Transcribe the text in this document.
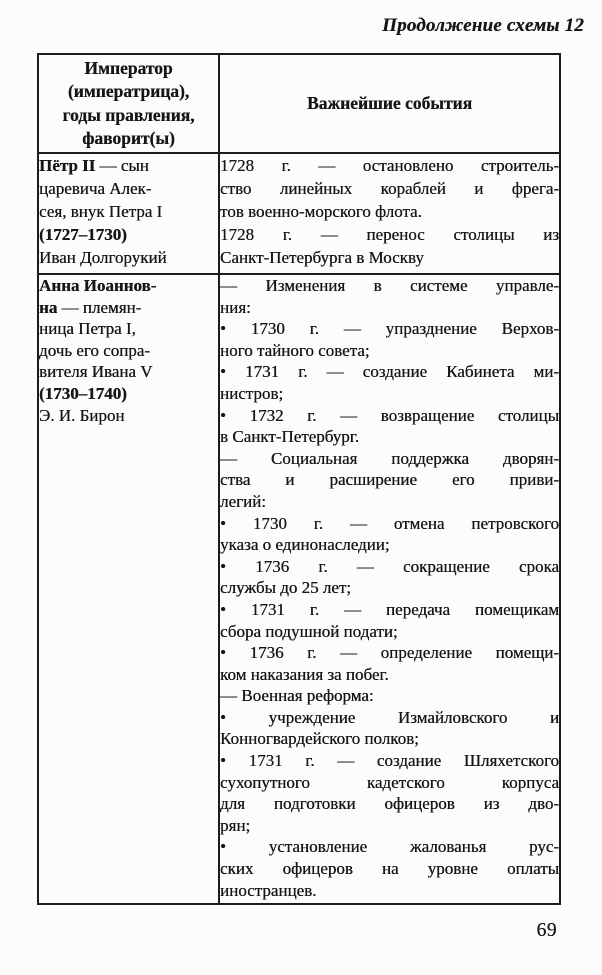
Продолжение схемы 12
Император
(императрица),
годы правления,
фаворит(ы)	Важнейшие события

Пётр II — сын
царевича Алек-
сея, внук Петра I
(1727–1730)
Иван Долгорукий

1728 г. — остановлено строитель-
ство линейных кораблей и фрега-
тов военно-морского флота.
1728 г. — перенос столицы из
Санкт-Петербурга в Москву

Анна Иоаннов-
на — племян-
ница Петра I,
дочь его сопра-
вителя Ивана V
(1730–1740)
Э. И. Бирон

— Изменения в системе управле-
ния:
• 1730 г. — упразднение Верхов-
ного тайного совета;
• 1731 г. — создание Кабинета ми-
нистров;
• 1732 г. — возвращение столицы
в Санкт-Петербург.
— Социальная поддержка дворян-
ства и расширение его приви-
легий:
• 1730 г. — отмена петровского
указа о единонаследии;
• 1736 г. — сокращение срока
службы до 25 лет;
• 1731 г. — передача помещикам
сбора подушной подати;
• 1736 г. — определение помещи-
ком наказания за побег.
— Военная реформа:
• учреждение Измайловского и
Конногвардейского полков;
• 1731 г. — создание Шляхетского
сухопутного кадетского корпуса
для подготовки офицеров из дво-
рян;
• установление жалованья рус-
ских офицеров на уровне оплаты
иностранцев.
69
